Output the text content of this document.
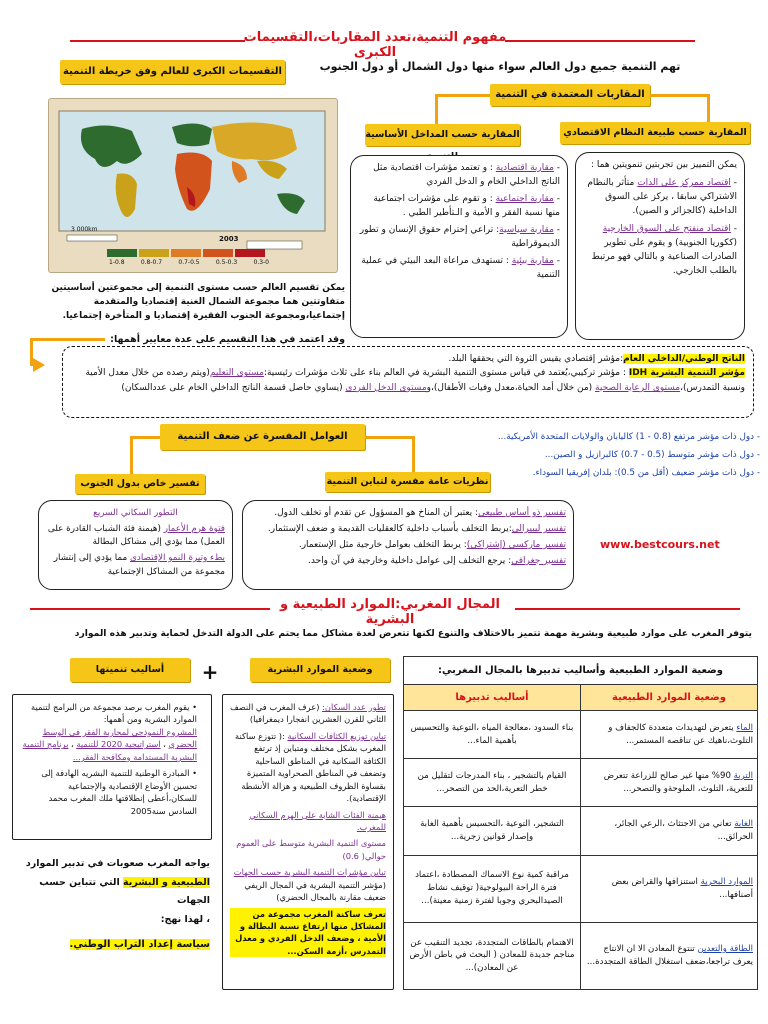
مفهوم التنمية،تعدد المقاربات،التقسيمات الكبرى
تهم التنمية جميع دول العالم سواء منها دول الشمال أو دول الجنوب
التقسيمات الكبرى للعالم وفق خريطة التنمية
المقاربات المعتمدة في التنمية
المقاربة حسب طبيعة النظام الاقتصادي
المقاربة حسب المداخل الأساسية
يمكن التمييز بين تجربتين تنمويتين هما :
- اقتصاد ممركز على الذات متأثر بالنظام الاشتراكي سابقا ، يركز على السوق الداخلية (كالجزائر و الصين).
- اقتصاد منفتح على السوق الخارجية (ككوريا الجنوبية) و يقوم على تطوير الصادرات الصناعية و بالتالي فهو مرتبط بالطلب الخارجي.
- مقاربة اقتصادية : و تعتمد مؤشرات اقتصادية مثل الناتج الداخلي الخام و الدخل الفردي
- مقاربة اجتماعية : و تقوم على مؤشرات اجتماعية منها نسبة الفقر و الأمية و الـتأطير الطبي .
- مقاربة سياسية: تراعي إحترام حقوق الإنسان و تطور الديموقراطية
- مقاربة بيئية : تستهدف مراعاة البعد البيئي في عملية التنمية
2003
3 000km
1-0.8	0.8-0.7	0.7-0.5	0.5-0.3	0.3-0
يمكن تقسيم العالم حسب مستوى التنمية إلى مجموعتين أساسيتين متفاوتتين هما مجموعة الشمال الغنية إقتصاديا والمتقدمة إجتماعيا،ومجموعة الجنوب الفقيرة إقتصاديا و المتأخرة إجتماعيا.
وقد اعتمد في هذا التقسيم على عدة معايير أهمها:
الناتج الوطني/الداخلي العام:مؤشر إقتصادي يقيس الثروة التي يحققها البلد.
مؤشر التنمية البشرية IDH : مؤشر تركيبي،يُعتمد في قياس مستوى التنمية البشرية في العالم بناء على ثلاث مؤشرات رئيسية:مستوى التعليم(ويتم رصده من خلال معدل الأمية ونسبة التمدرس)،مستوى الرعاية الصحية (من خلال أمد الحياة،معدل وفيات الأطفال)،ومستوى الدخل الفردي (يساوي حاصل قسمة الناتج الداخلي الخام على عددالسكان)
- دول ذات مؤشر مرتفع (0.8 - 1) كاليابان والولايات المتحدة الأمريكية...
- دول ذات مؤشر متوسط (0.5 - 0.7) كالبرازيل و الصين...
- دول ذات مؤشر ضعيف (أقل من 0.5): بلدان إفريقيا السوداء.
العوامل المفسرة عن ضعف التنمية
نظريات عامة مفسرة لتباين التنمية
تفسير خاص بدول الجنوب
تفسير ذو أساس طبيعي: يعتبر أن المناخ هو المسؤول عن تقدم أو تخلف الدول.
تفسير ليبيرالي:يربط التخلف بأسباب داخلية كالعقليات القديمة و ضعف الإستثمار.
تفسير ماركسي (إشتراكي): يربط التخلف بعوامل خارجية مثل الإستعمار.
تفسير جغرافي: يرجع التخلف إلى عوامل داخلية وخارجية في آن واحد.
التطور السكاني السريع
فتوة هرم الأعمار (هيمنة فئة الشباب القادرة على العمل) مما يؤدي إلى مشاكل البطالة
بطء وتيرة النمو الإقتصادي مما يؤدي إلى إنتشار مجموعة من المشاكل الإجتماعية
www.bestcours.net
المجال المغربي:الموارد الطبيعية و البشرية
يتوفر المغرب على موارد طبيعية وبشرية مهمة تتميز بالاختلاف والتنوع لكنها تتعرض لعدة مشاكل مما يحتم على الدولة التدخل لحماية وتدبير هذه الموارد
وضعية الموارد الطبيعية وأساليب تدبيرها بالمجال المغربي:
وضعية الموارد الطبيعية	أساليب تدبيرها
الماء يتعرض لتهديدات متعددة كالجفاف و التلوث،ناهيك عن تناقصه المستمر...	بناء السدود ،معالجة المياه ،التوعية والتحسيس بأهمية الماء...
التربة 90% منها غير صالح للزراعة تتعرض للتعرية، التلوث، الملوحةو والتصحر...	القيام بالتشجير ، بناء المدرجات لتقليل من خطر التعرية،الحد من التصحر...
الغابة تعاني من الاجتثاث ،الرعي الجائر، الحرائق...	التشجير، التوعية ،التحسيس بأهمية الغابة وإصدار قوانين زجرية...
الموارد البحرية استنزافها والقراض بعض أصنافها...	مراقبة كمية نوع الاسماك المصطادة ،اعتماد فترة الراحة البيولوجية( توقيف نشاط الصيدالبحري وجوبا لفترة زمنية معينة)...
الطاقة والتعدين تنتوع المعادن الا ان الانتاج يعرف تراجعا،ضعف استغلال الطاقة المتجددة...	الاهتمام بالطاقات المتجددة، تجديد التنقيب عن مناجم جديدة للمعادن ( البحث في باطن الأرض عن المعادن)...
وضعية الموارد البشرية
تطور عدد السكان: (عرف المغرب في النصف الثاني للقرن العشرين انفجارا ديمغرافيا)
تباين توزيع الكثافات السكانية :( تتوزع ساكنة المغرب بشكل مختلف ومتباين إذ ترتفع الكثافة السكانية في المناطق الساحلية وتضعف في المناطق الصحراوية المتميزة بقساوة الظروف الطبيعية و هزالة الأنشطة الإقتصادية).
هيمنة الفئات الشابة على الهرم السكاني للمغرب.
مستوى التنمية البشرية متوسط على العموم حوالي( 0.6)
تباين مؤشرات التنمية البشرية حسب الجهات (مؤشر التنمية البشرية في المجال الريفي ضعيف مقارنة بالمجال الحضري)
تعرف ساكنة المغرب مجموعة من المشاكل منها ارتفاع نسبة البطالة و الأمية ، وضعف الدخل الفردي و معدل التمدرس ،أزمة السكن...
+
أساليب تنميتها
• يقوم المغرب برصد مجموعة من البرامج لتنمية الموارد البشرية ومن أهمها:
المشروع النموذجي لمحاربة الفقر في الوسط الحضري ، استراتيجية 2020 للتنمية ، برنامج التنمية البشرية المستدامة ومكافحة الفقر...
• المبادرة الوطنية للتنمية البشريه الهادفة إلى تحسين الأوضاع الإقتصادية والإجتماعية للسكان،أعطى إنطلاقتها ملك المغرب محمد السادس سنة2005
يواجه المغرب صعوبات في تدبير الموارد
الطبيعية و البشرية التي تتباين حسب الجهات
، لهذا نهج:
سياسة إعداد التراب الوطني.
